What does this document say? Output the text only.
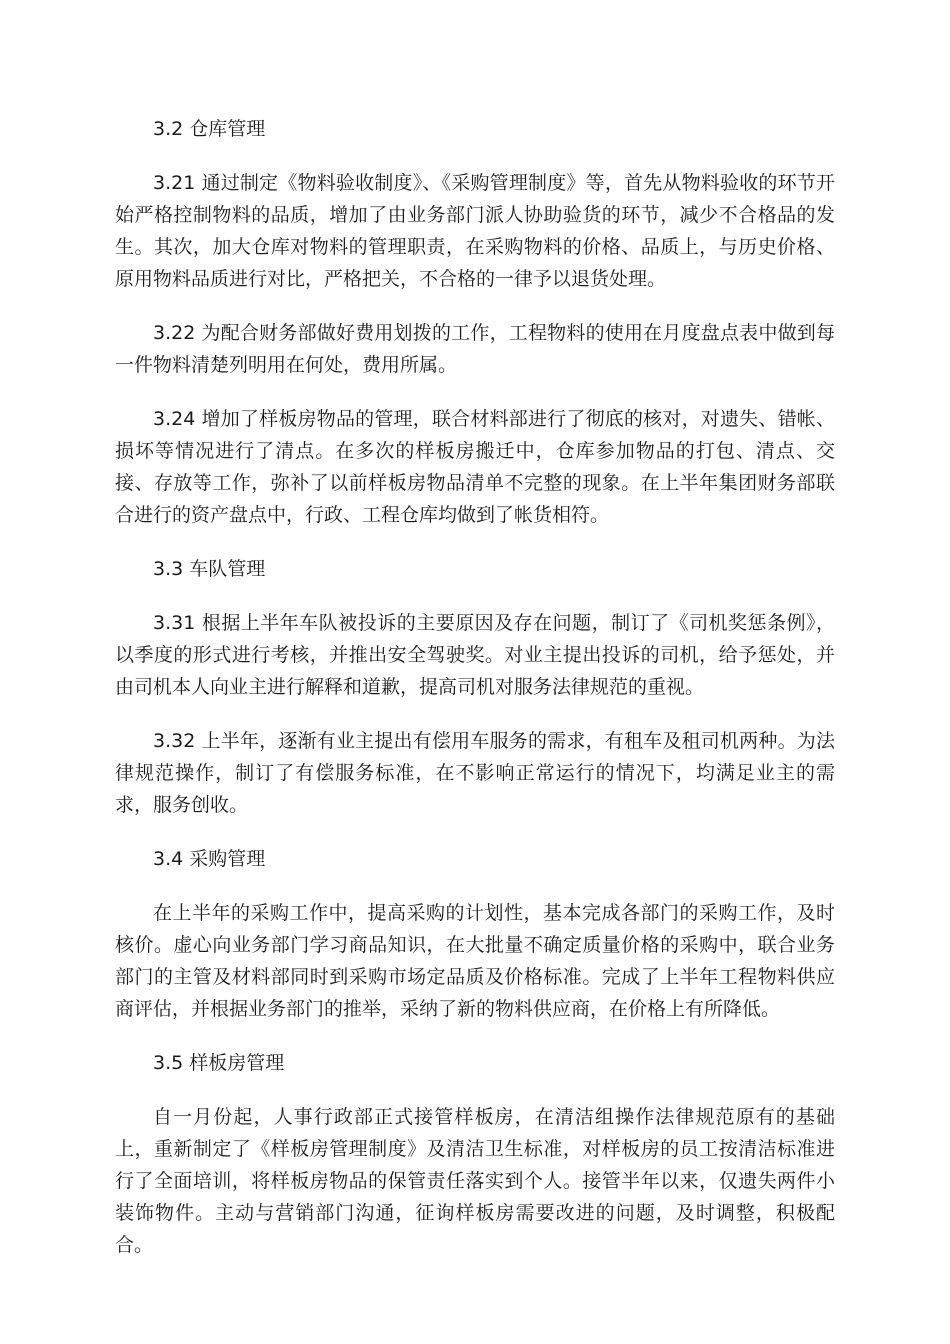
3.2 仓库管理

3.21 通过制定《物料验收制度》、《采购管理制度》等，首先从物料验收的环节开始严格控制物料的品质，增加了由业务部门派人协助验货的环节，减少不合格品的发生。其次，加大仓库对物料的管理职责，在采购物料的价格、品质上，与历史价格、原用物料品质进行对比，严格把关，不合格的一律予以退货处理。

3.22 为配合财务部做好费用划拨的工作，工程物料的使用在月度盘点表中做到每一件物料清楚列明用在何处，费用所属。

3.24 增加了样板房物品的管理，联合材料部进行了彻底的核对，对遗失、错帐、损坏等情况进行了清点。在多次的样板房搬迁中，仓库参加物品的打包、清点、交接、存放等工作，弥补了以前样板房物品清单不完整的现象。在上半年集团财务部联合进行的资产盘点中，行政、工程仓库均做到了帐货相符。

3.3 车队管理

3.31 根据上半年车队被投诉的主要原因及存在问题，制订了《司机奖惩条例》，以季度的形式进行考核，并推出安全驾驶奖。对业主提出投诉的司机，给予惩处，并由司机本人向业主进行解释和道歉，提高司机对服务法律规范的重视。

3.32 上半年，逐渐有业主提出有偿用车服务的需求，有租车及租司机两种。为法律规范操作，制订了有偿服务标准，在不影响正常运行的情况下，均满足业主的需求，服务创收。

3.4 采购管理

在上半年的采购工作中，提高采购的计划性，基本完成各部门的采购工作，及时核价。虚心向业务部门学习商品知识，在大批量不确定质量价格的采购中，联合业务部门的主管及材料部同时到采购市场定品质及价格标准。完成了上半年工程物料供应商评估，并根据业务部门的推举，采纳了新的物料供应商，在价格上有所降低。

3.5 样板房管理

自一月份起，人事行政部正式接管样板房，在清洁组操作法律规范原有的基础上，重新制定了《样板房管理制度》及清洁卫生标准，对样板房的员工按清洁标准进行了全面培训，将样板房物品的保管责任落实到个人。接管半年以来，仅遗失两件小装饰物件。主动与营销部门沟通，征询样板房需要改进的问题，及时调整，积极配合。
